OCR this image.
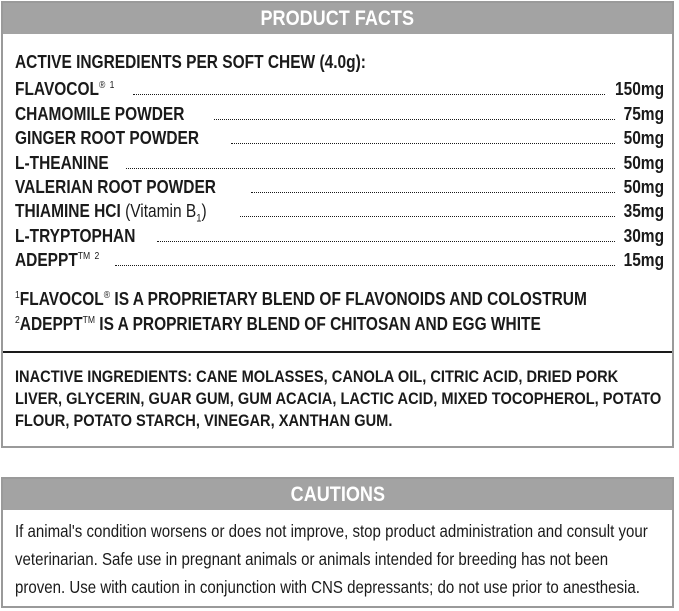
PRODUCT FACTS
ACTIVE INGREDIENTS PER SOFT CHEW (4.0g):
FLAVOCOL® $^1$	150mg
CHAMOMILE POWDER	75mg
GINGER ROOT POWDER	50mg
L-THEANINE	50mg
VALERIAN ROOT POWDER	50mg
THIAMINE HCI (Vitamin $B_1$)	35mg
L-TRYPTOPHAN	30mg
ADEPPT™ $^2$	15mg
$^1$FLAVOCOL® IS A PROPRIETARY BLEND OF FLAVONOIDS AND COLOSTRUM
$^2$ADEPPT™ IS A PROPRIETARY BLEND OF CHITOSAN AND EGG WHITE
INACTIVE INGREDIENTS: CANE MOLASSES, CANOLA OIL, CITRIC ACID, DRIED PORK LIVER, GLYCERIN, GUAR GUM, GUM ACACIA, LACTIC ACID, MIXED TOCOPHEROL, POTATO FLOUR, POTATO STARCH, VINEGAR, XANTHAN GUM.
CAUTIONS
If animal's condition worsens or does not improve, stop product administration and consult your veterinarian. Safe use in pregnant animals or animals intended for breeding has not been proven. Use with caution in conjunction with CNS depressants; do not use prior to anesthesia.
